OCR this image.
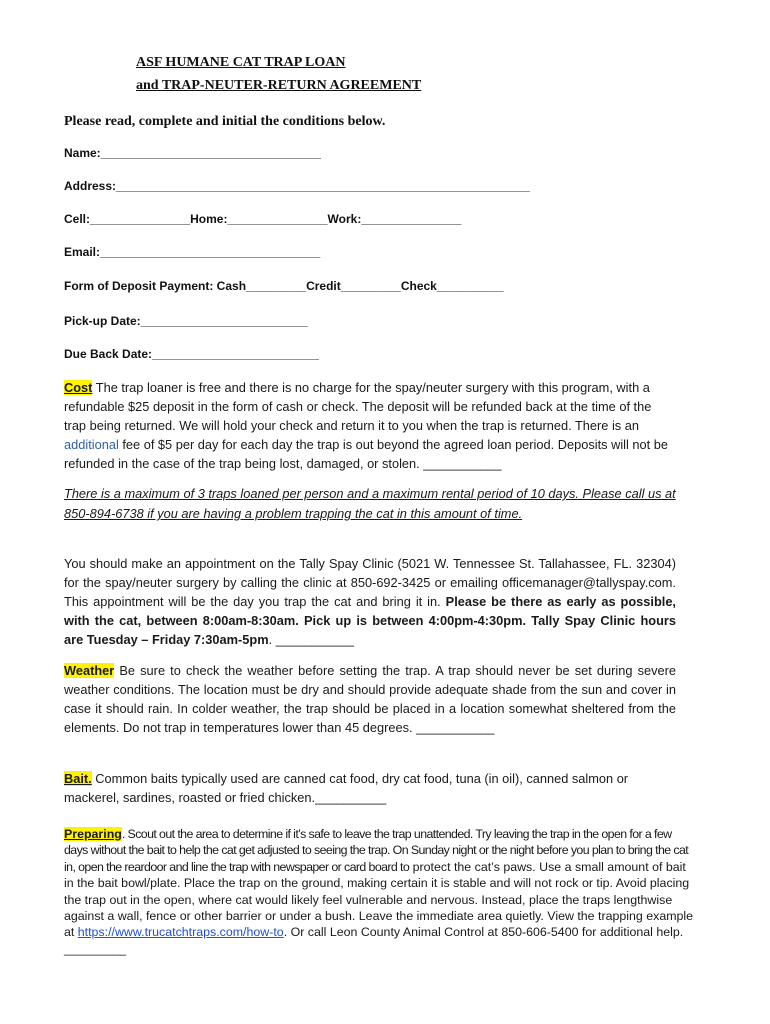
ASF HUMANE CAT TRAP LOAN
and TRAP-NEUTER-RETURN AGREEMENT
Please read, complete and initial the conditions below.
Name:_________________________________
Address:______________________________________________________________
Cell:_______________Home:_______________Work:_______________
Email:_________________________________
Form of Deposit Payment: Cash_________Credit_________Check__________
Pick-up Date:_________________________
Due Back Date:_________________________
Cost The trap loaner is free and there is no charge for the spay/neuter surgery with this program, with a refundable $25 deposit in the form of cash or check. The deposit will be refunded back at the time of the trap being returned. We will hold your check and return it to you when the trap is returned. There is an additional fee of $5 per day for each day the trap is out beyond the agreed loan period. Deposits will not be refunded in the case of the trap being lost, damaged, or stolen. ___________
There is a maximum of 3 traps loaned per person and a maximum rental period of 10 days. Please call us at 850-894-6738 if you are having a problem trapping the cat in this amount of time.
You should make an appointment on the Tally Spay Clinic (5021 W. Tennessee St. Tallahassee, FL. 32304) for the spay/neuter surgery by calling the clinic at 850-692-3425 or emailing officemanager@tallyspay.com. This appointment will be the day you trap the cat and bring it in. Please be there as early as possible, with the cat, between 8:00am-8:30am. Pick up is between 4:00pm-4:30pm. Tally Spay Clinic hours are Tuesday – Friday 7:30am-5pm. ___________
Weather Be sure to check the weather before setting the trap. A trap should never be set during severe weather conditions. The location must be dry and should provide adequate shade from the sun and cover in case it should rain. In colder weather, the trap should be placed in a location somewhat sheltered from the elements. Do not trap in temperatures lower than 45 degrees. ___________
Bait. Common baits typically used are canned cat food, dry cat food, tuna (in oil), canned salmon or mackerel, sardines, roasted or fried chicken.__________
Preparing. Scout out the area to determine if it’s safe to leave the trap unattended. Try leaving the trap in the open for a few days without the bait to help the cat get adjusted to seeing the trap. On Sunday night or the night before you plan to bring the cat in, open the reardoor and line the trap with newspaper or card board to protect the cat’s paws. Use a small amount of bait in the bait bowl/plate. Place the trap on the ground, making certain it is stable and will not rock or tip. Avoid placing the trap out in the open, where cat would likely feel vulnerable and nervous. Instead, place the traps lengthwise against a wall, fence or other barrier or under a bush. Leave the immediate area quietly. View the trapping example at https://www.trucatchtraps.com/how-to. Or call Leon County Animal Control at 850-606-5400 for additional help. _________
